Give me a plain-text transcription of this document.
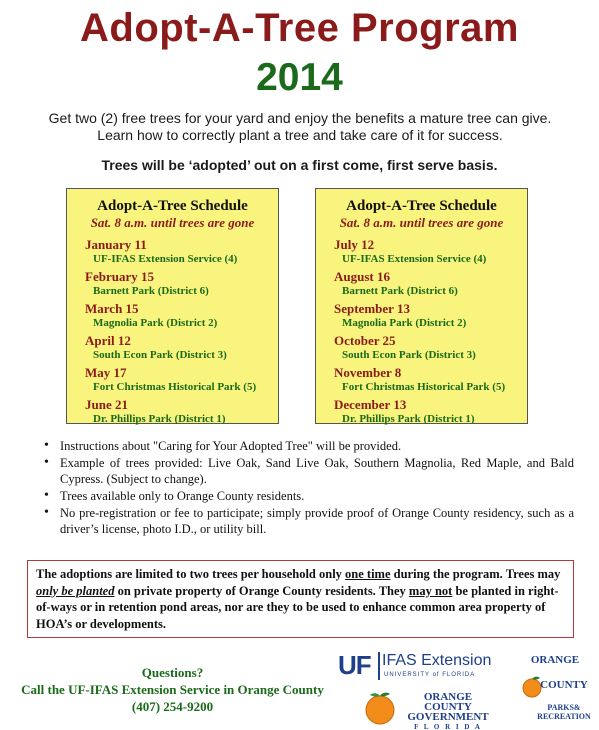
Adopt-A-Tree Program
2014
Get two (2) free trees for your yard and enjoy the benefits a mature tree can give.
Learn how to correctly plant a tree and take care of it for success.
Trees will be ‘adopted’ out on a first come, first serve basis.
Adopt-A-Tree Schedule
Sat. 8 a.m. until trees are gone
January 11
UF-IFAS Extension Service (4)
February 15
Barnett Park (District 6)
March 15
Magnolia Park (District 2)
April 12
South Econ Park (District 3)
May 17
Fort Christmas Historical Park (5)
June 21
Dr. Phillips Park (District 1)
Adopt-A-Tree Schedule
Sat. 8 a.m. until trees are gone
July 12
UF-IFAS Extension Service (4)
August 16
Barnett Park (District 6)
September 13
Magnolia Park (District 2)
October 25
South Econ Park (District 3)
November 8
Fort Christmas Historical Park (5)
December 13
Dr. Phillips Park (District 1)
• Instructions about "Caring for Your Adopted Tree" will be provided.
• Example of trees provided: Live Oak, Sand Live Oak, Southern Magnolia, Red Maple, and Bald Cypress. (Subject to change).
• Trees available only to Orange County residents.
• No pre-registration or fee to participate; simply provide proof of Orange County residency, such as a driver’s license, photo I.D., or utility bill.
The adoptions are limited to two trees per household only one time during the program. Trees may only be planted on private property of Orange County residents. They may not be planted in right-of-ways or in retention pond areas, nor are they to be used to enhance common area property of HOA’s or developments.
Questions?
Call the UF-IFAS Extension Service in Orange County
(407) 254-9200
UF IFAS Extension
UNIVERSITY of FLORIDA
ORANGE COUNTY
GOVERNMENT
F L O R I D A
ORANGE
COUNTY
PARKS&
RECREATION
